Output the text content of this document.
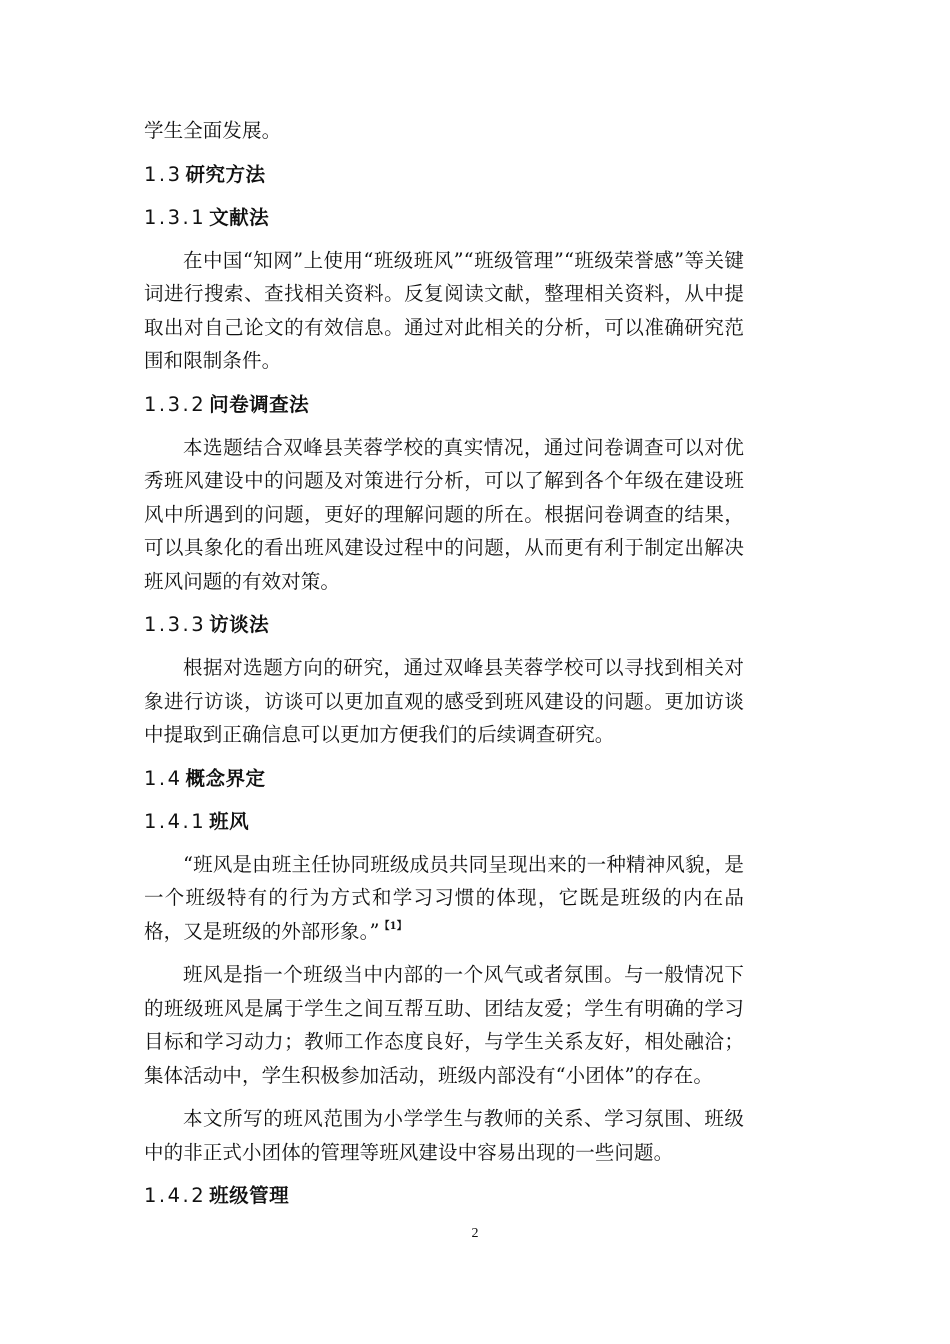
学生全面发展。

1.3 研究方法
1.3.1 文献法

在中国“知网”上使用“班级班风”“班级管理”“班级荣誉感”等关键词进行搜索、查找相关资料。反复阅读文献，整理相关资料，从中提取出对自己论文的有效信息。通过对此相关的分析，可以准确研究范围和限制条件。

1.3.2 问卷调查法

本选题结合双峰县芙蓉学校的真实情况，通过问卷调查可以对优秀班风建设中的问题及对策进行分析，可以了解到各个年级在建设班风中所遇到的问题，更好的理解问题的所在。根据问卷调查的结果，可以具象化的看出班风建设过程中的问题，从而更有利于制定出解决班风问题的有效对策。

1.3.3 访谈法

根据对选题方向的研究，通过双峰县芙蓉学校可以寻找到相关对象进行访谈，访谈可以更加直观的感受到班风建设的问题。更加访谈中提取到正确信息可以更加方便我们的后续调查研究。

1.4 概念界定
1.4.1 班风

“班风是由班主任协同班级成员共同呈现出来的一种精神风貌，是一个班级特有的行为方式和学习习惯的体现，它既是班级的内在品格，又是班级的外部形象。”$^{【1】}$

班风是指一个班级当中内部的一个风气或者氛围。与一般情况下的班级班风是属于学生之间互帮互助、团结友爱；学生有明确的学习目标和学习动力；教师工作态度良好，与学生关系友好，相处融洽；集体活动中，学生积极参加活动，班级内部没有“小团体”的存在。

本文所写的班风范围为小学学生与教师的关系、学习氛围、班级中的非正式小团体的管理等班风建设中容易出现的一些问题。

1.4.2 班级管理
2
